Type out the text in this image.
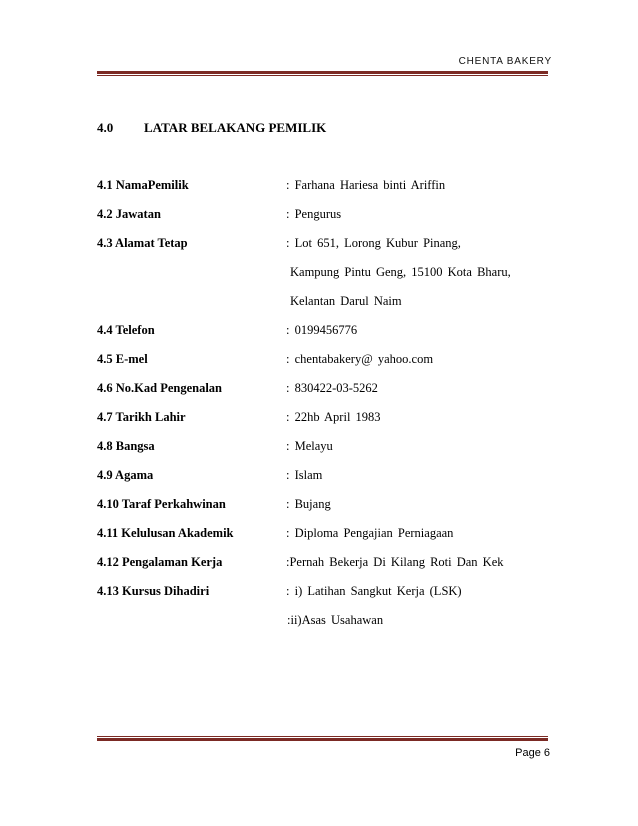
CHENTA BAKERY
4.0 LATAR BELAKANG PEMILIK
4.1 NamaPemilik	: Farhana Hariesa binti Ariffin
4.2 Jawatan	: Pengurus
4.3 Alamat Tetap	: Lot 651, Lorong Kubur Pinang,
Kampung Pintu Geng, 15100 Kota Bharu,
Kelantan Darul Naim
4.4 Telefon	: 0199456776
4.5 E-mel	: chentabakery@ yahoo.com
4.6 No.Kad Pengenalan	: 830422-03-5262
4.7 Tarikh Lahir	: 22hb April 1983
4.8 Bangsa	: Melayu
4.9 Agama	: Islam
4.10 Taraf Perkahwinan	: Bujang
4.11 Kelulusan Akademik	: Diploma Pengajian Perniagaan
4.12 Pengalaman Kerja	:Pernah Bekerja Di Kilang Roti Dan Kek
4.13 Kursus Dihadiri	: i) Latihan Sangkut Kerja (LSK)
:ii)Asas Usahawan
Page 6
